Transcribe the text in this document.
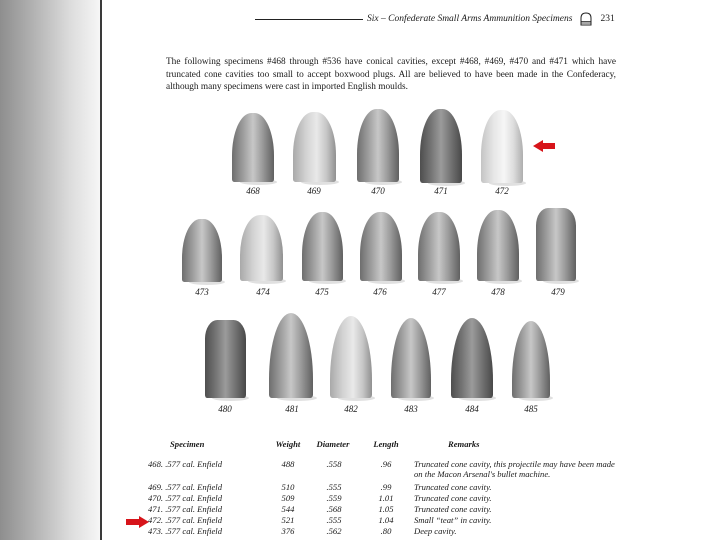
Six – Confederate Small Arms Ammunition Specimens	231
The following specimens #468 through #536 have conical cavities, except #468, #469, #470 and #471 which have truncated cone cavities too small to accept boxwood plugs. All are believed to have been made in the Confederacy, although many specimens were cast in imported English moulds.
468	469	470	471	472
473	474	475	476	477	478	479
480	481	482	483	484	485
Specimen	Weight	Diameter	Length	Remarks
468. .577 cal. Enfield	488	.558	.96	Truncated cone cavity, this projectile may have been made on the Macon Arsenal's bullet machine.
469. .577 cal. Enfield	510	.555	.99	Truncated cone cavity.
470. .577 cal. Enfield	509	.559	1.01	Truncated cone cavity.
471. .577 cal. Enfield	544	.568	1.05	Truncated cone cavity.
472. .577 cal. Enfield	521	.555	1.04	Small “teat” in cavity.
473. .577 cal. Enfield	376	.562	.80	Deep cavity.
